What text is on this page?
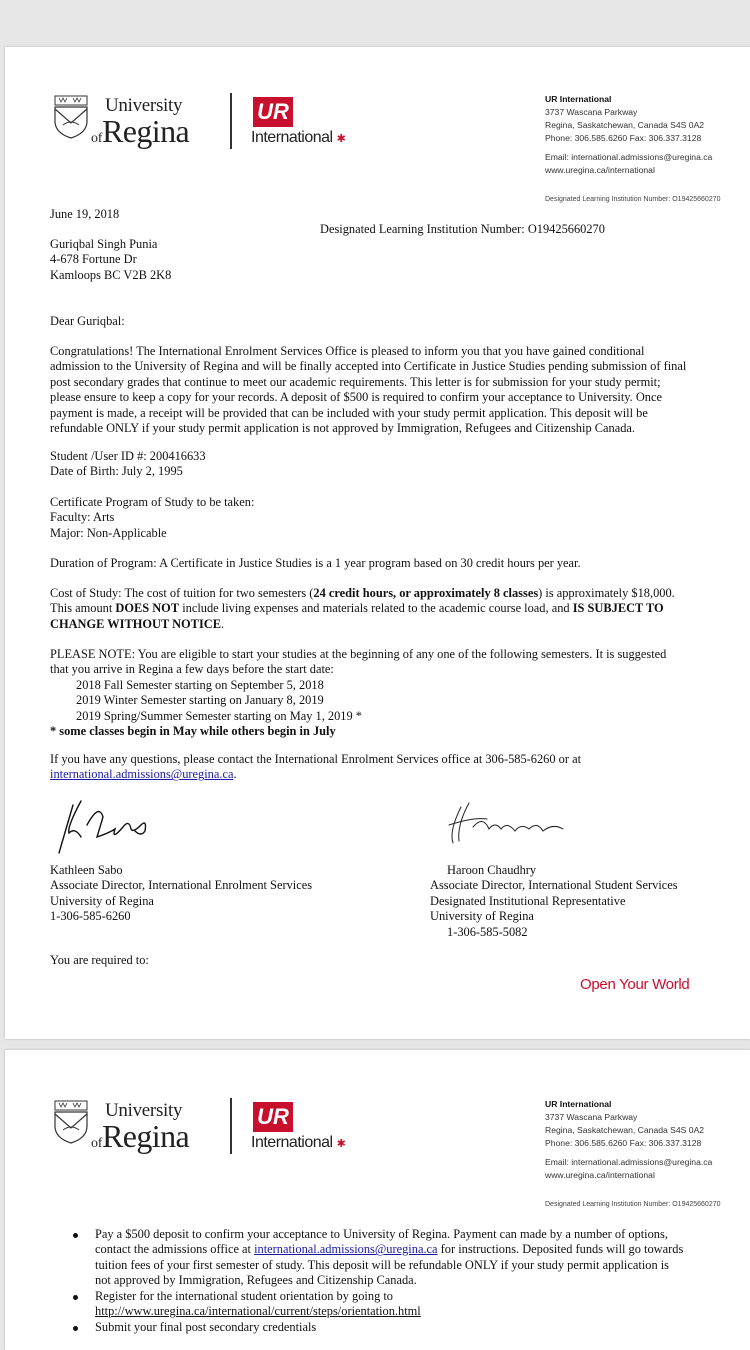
University
ofRegina
UR
International ✱
UR International
3737 Wascana Parkway
Regina, Saskatchewan, Canada S4S 0A2
Phone: 306.585.6260 Fax: 306.337.3128
Email: international.admissions@uregina.ca
www.uregina.ca/international
Designated Learning Institution Number: O19425660270
June 19, 2018
Designated Learning Institution Number: O19425660270
Guriqbal Singh Punia
4-678 Fortune Dr
Kamloops BC V2B 2K8
Dear Guriqbal:
Congratulations! The International Enrolment Services Office is pleased to inform you that you have gained conditional
admission to the University of Regina and will be finally accepted into Certificate in Justice Studies pending submission of final
post secondary grades that continue to meet our academic requirements. This letter is for submission for your study permit;
please ensure to keep a copy for your records. A deposit of $500 is required to confirm your acceptance to University. Once
payment is made, a receipt will be provided that can be included with your study permit application. This deposit will be
refundable ONLY if your study permit application is not approved by Immigration, Refugees and Citizenship Canada.
Student /User ID #: 200416633
Date of Birth: July 2, 1995
Certificate Program of Study to be taken:
Faculty: Arts
Major: Non-Applicable
Duration of Program: A Certificate in Justice Studies is a 1 year program based on 30 credit hours per year.
Cost of Study: The cost of tuition for two semesters (24 credit hours, or approximately 8 classes) is approximately $18,000.
This amount DOES NOT include living expenses and materials related to the academic course load, and IS SUBJECT TO
CHANGE WITHOUT NOTICE.
PLEASE NOTE: You are eligible to start your studies at the beginning of any one of the following semesters. It is suggested
that you arrive in Regina a few days before the start date:
2018 Fall Semester starting on September 5, 2018
2019 Winter Semester starting on January 8, 2019
2019 Spring/Summer Semester starting on May 1, 2019 *
* some classes begin in May while others begin in July
If you have any questions, please contact the International Enrolment Services office at 306-585-6260 or at
international.admissions@uregina.ca.
Kathleen Sabo
Associate Director, International Enrolment Services
University of Regina
1-306-585-6260
Haroon Chaudhry
Associate Director, International Student Services
Designated Institutional Representative
University of Regina
1-306-585-5082
You are required to:
Open Your World
University
ofRegina
UR
International ✱
UR International
3737 Wascana Parkway
Regina, Saskatchewan, Canada S4S 0A2
Phone: 306.585.6260 Fax: 306.337.3128
Email: international.admissions@uregina.ca
www.uregina.ca/international
Designated Learning Institution Number: O19425660270
Pay a $500 deposit to confirm your acceptance to University of Regina. Payment can made by a number of options,
contact the admissions office at international.admissions@uregina.ca for instructions. Deposited funds will go towards
tuition fees of your first semester of study. This deposit will be refundable ONLY if your study permit application is
not approved by Immigration, Refugees and Citizenship Canada.
Register for the international student orientation by going to
http://www.uregina.ca/international/current/steps/orientation.html
Submit your final post secondary credentials
